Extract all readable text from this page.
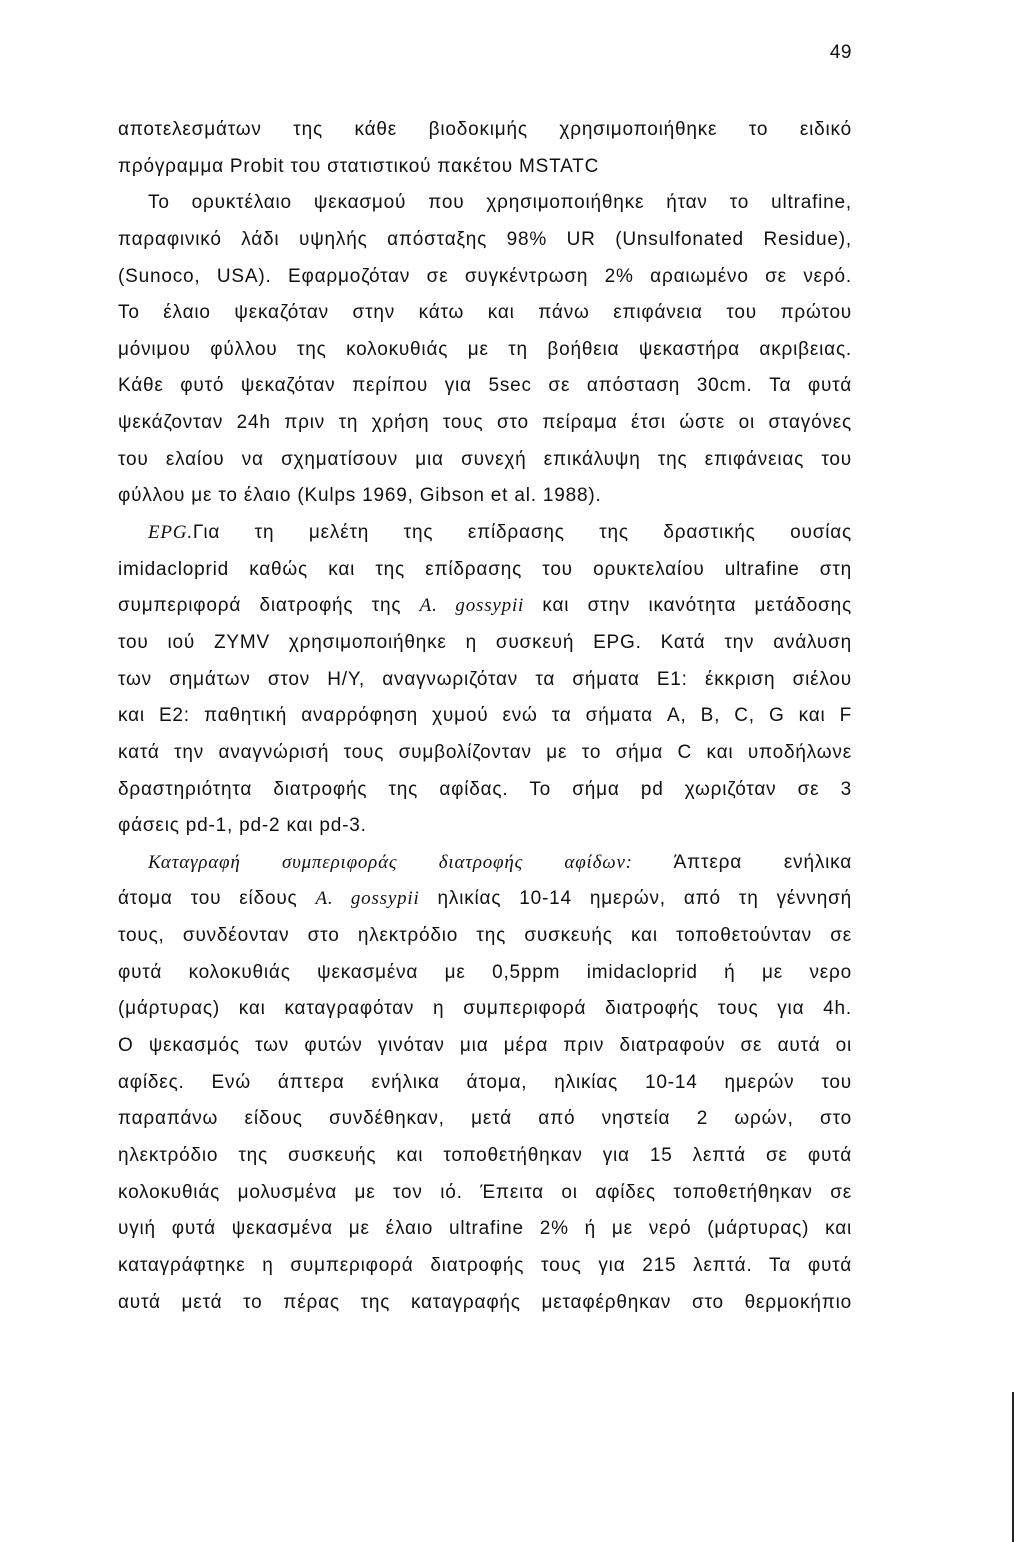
49
αποτελεσμάτων της κάθε βιοδοκιμής χρησιμοποιήθηκε το ειδικό
πρόγραμμα Probit του στατιστικού πακέτου MSTATC
Το ορυκτέλαιο ψεκασμού που χρησιμοποιήθηκε ήταν το ultrafine,
παραφινικό λάδι υψηλής απόσταξης 98% UR (Unsulfonated Residue),
(Sunoco, USA). Εφαρμοζόταν σε συγκέντρωση 2% αραιωμένο σε νερό.
Το έλαιο ψεκαζόταν στην κάτω και πάνω επιφάνεια του πρώτου
μόνιμου φύλλου της κολοκυθιάς με τη βοήθεια ψεκαστήρα ακριβειας.
Κάθε φυτό ψεκαζόταν περίπου για 5sec σε απόσταση 30cm. Τα φυτά
ψεκάζονταν 24h πριν τη χρήση τους στο πείραμα έτσι ώστε οι σταγόνες
του ελαίου να σχηματίσουν μια συνεχή επικάλυψη της επιφάνειας του
φύλλου με το έλαιο (Kulps 1969, Gibson et al. 1988).
EPG.Για τη μελέτη της επίδρασης της δραστικής ουσίας
imidacloprid καθώς και της επίδρασης του ορυκτελαίου ultrafine στη
συμπεριφορά διατροφής της A. gossypii και στην ικανότητα μετάδοσης
του ιού ZYMV χρησιμοποιήθηκε η συσκευή EPG. Κατά την ανάλυση
των σημάτων στον Η/Υ, αναγνωριζόταν τα σήματα Ε1: έκκριση σιέλου
και Ε2: παθητική αναρρόφηση χυμού ενώ τα σήματα A, B, C, G και F
κατά την αναγνώρισή τους συμβολίζονταν με το σήμα C και υποδήλωνε
δραστηριότητα διατροφής της αφίδας. Το σήμα pd χωριζόταν σε 3
φάσεις pd-1, pd-2 και pd-3.
Καταγραφή συμπεριφοράς διατροφής αφίδων: Άπτερα ενήλικα
άτομα του είδους A. gossypii ηλικίας 10-14 ημερών, από τη γέννησή
τους, συνδέονταν στο ηλεκτρόδιο της συσκευής και τοποθετούνταν σε
φυτά κολοκυθιάς ψεκασμένα με 0,5ppm imidacloprid ή με νερο
(μάρτυρας) και καταγραφόταν η συμπεριφορά διατροφής τους για 4h.
Ο ψεκασμός των φυτών γινόταν μια μέρα πριν διατραφούν σε αυτά οι
αφίδες. Ενώ άπτερα ενήλικα άτομα, ηλικίας 10-14 ημερών του
παραπάνω είδους συνδέθηκαν, μετά από νηστεία 2 ωρών, στο
ηλεκτρόδιο της συσκευής και τοποθετήθηκαν για 15 λεπτά σε φυτά
κολοκυθιάς μολυσμένα με τον ιό. Έπειτα οι αφίδες τοποθετήθηκαν σε
υγιή φυτά ψεκασμένα με έλαιο ultrafine 2% ή με νερό (μάρτυρας) και
καταγράφτηκε η συμπεριφορά διατροφής τους για 215 λεπτά. Τα φυτά
αυτά μετά το πέρας της καταγραφής μεταφέρθηκαν στο θερμοκήπιο
